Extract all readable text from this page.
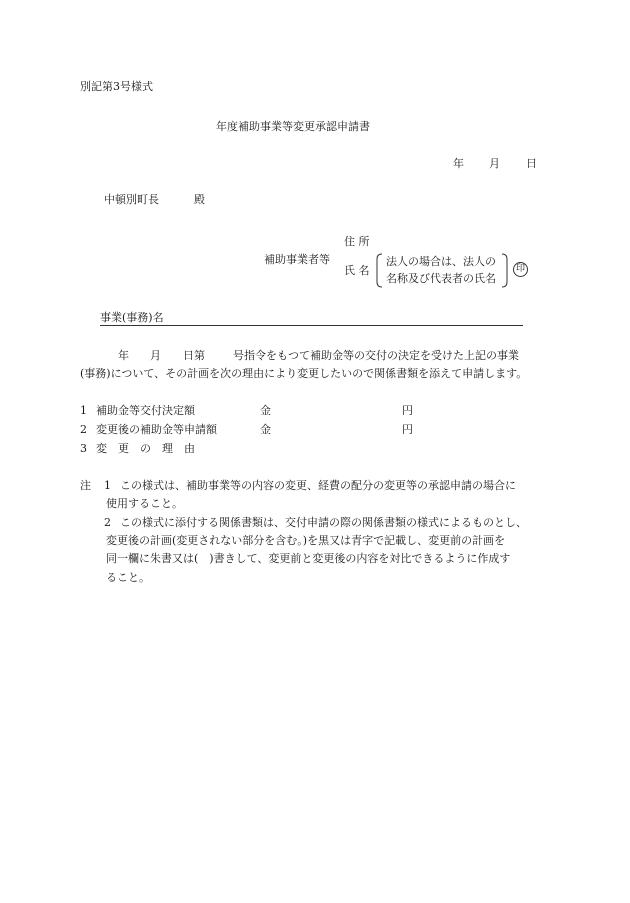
別記第3号様式
年度補助事業等変更承認申請書
年 月 日
中頓別町長	殿
住 所
補助事業者等
氏 名
法人の場合は、法人の
名称及び代表者の氏名
印
事業(事務)名
年 月 日第	号指令をもつて補助金等の交付の決定を受けた上記の事業
(事務)について、その計画を次の理由により変更したいので関係書類を添えて申請します。
1 補助金等交付決定額	金	円
2 変更後の補助金等申請額	金	円
3 変　更　の　理　由
注 1 この様式は、補助事業等の内容の変更、経費の配分の変更等の承認申請の場合に
使用すること。
2 この様式に添付する関係書類は、交付申請の際の関係書類の様式によるものとし、
変更後の計画(変更されない部分を含む。)を黒又は青字で記載し、変更前の計画を
同一欄に朱書又は(　)書きして、変更前と変更後の内容を対比できるように作成す
ること。
